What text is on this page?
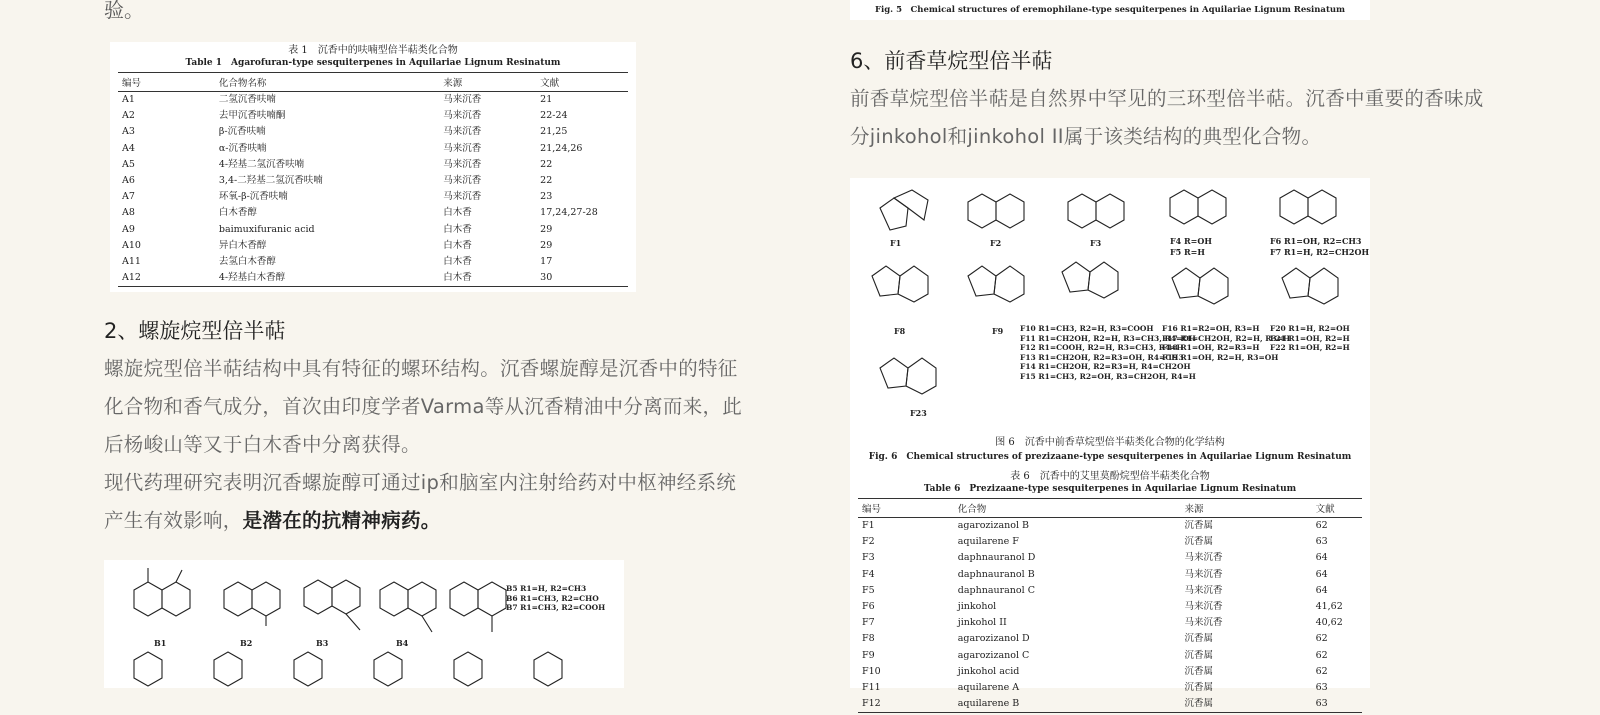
验。

表 1　沉香中的呋喃型倍半萜类化合物
Table 1　Agarofuran-type sesquiterpenes in Aquilariae Lignum Resinatum
编号	化合物名称	来源	文献
A1	二氢沉香呋喃	马来沉香	21
A2	去甲沉香呋喃酮	马来沉香	22-24
A3	β-沉香呋喃	马来沉香	21,25
A4	α-沉香呋喃	马来沉香	21,24,26
A5	4-羟基二氢沉香呋喃	马来沉香	22
A6	3,4-二羟基二氢沉香呋喃	马来沉香	22
A7	环氧-β-沉香呋喃	马来沉香	23
A8	白木香醇	白木香	17,24,27-28
A9	baimuxifuranic acid	白木香	29
A10	异白木香醇	白木香	29
A11	去氢白木香醇	白木香	17
A12	4-羟基白木香醇	白木香	30
2、螺旋烷型倍半萜

螺旋烷型倍半萜结构中具有特征的螺环结构。沉香螺旋醇是沉香中的特征化合物和香气成分，首次由印度学者Varma等从沉香精油中分离而来，此后杨峻山等又于白木香中分离获得。

现代药理研究表明沉香螺旋醇可通过ip和脑室内注射给药对中枢神经系统产生有效影响，是潜在的抗精神病药。

B1	B2	B3	B4
B5 R1=H, R2=CH3
B6 R1=CH3, R2=CHO
B7 R1=CH3, R2=COOH
Fig. 5　Chemical structures of eremophilane-type sesquiterpenes in Aquilariae Lignum Resinatum
6、前香草烷型倍半萜

前香草烷型倍半萜是自然界中罕见的三环型倍半萜。沉香中重要的香味成分jinkohol和jinkohol II属于该类结构的典型化合物。

F1	F2	F3	F4 R=OH
F5 R=H
F6 R1=OH, R2=CH3
F7 R1=H, R2=CH2OH
F8	F9 F10 R1=CH3, R2=H, R3=COOH
F11 R1=CH2OH, R2=H, R3=CH3, R4=OH
F12 R1=COOH, R2=H, R3=CH3, R4=H
F13 R1=CH2OH, R2=R3=OH, R4=CH3
F14 R1=CH2OH, R2=R3=H, R4=CH2OH
F15 R1=CH3, R2=OH, R3=CH2OH, R4=H
F16 R1=R2=OH, R3=H
F17 R1=CH2OH, R2=H, R3=H
F18 R1=OH, R2=R3=H
F19 R1=OH, R2=H, R3=OH
F20 R1=H, R2=OH
F21 R1=OH, R2=H
F22 R1=OH, R2=H
F23
图 6　沉香中前香草烷型倍半萜类化合物的化学结构
Fig. 6　Chemical structures of prezizaane-type sesquiterpenes in Aquilariae Lignum Resinatum
表 6　沉香中的艾里莫酚烷型倍半萜类化合物
Table 6　Prezizaane-type sesquiterpenes in Aquilariae Lignum Resinatum
编号	化合物	来源	文献
F1	agarozizanol B	沉香属	62
F2	aquilarene F	沉香属	63
F3	daphnauranol D	马来沉香	64
F4	daphnauranol B	马来沉香	64
F5	daphnauranol C	马来沉香	64
F6	jinkohol	马来沉香	41,62
F7	jinkohol II	马来沉香	40,62
F8	agarozizanol D	沉香属	62
F9	agarozizanol C	沉香属	62
F10	jinkohol acid	沉香属	62
F11	aquilarene A	沉香属	63
F12	aquilarene B	沉香属	63
